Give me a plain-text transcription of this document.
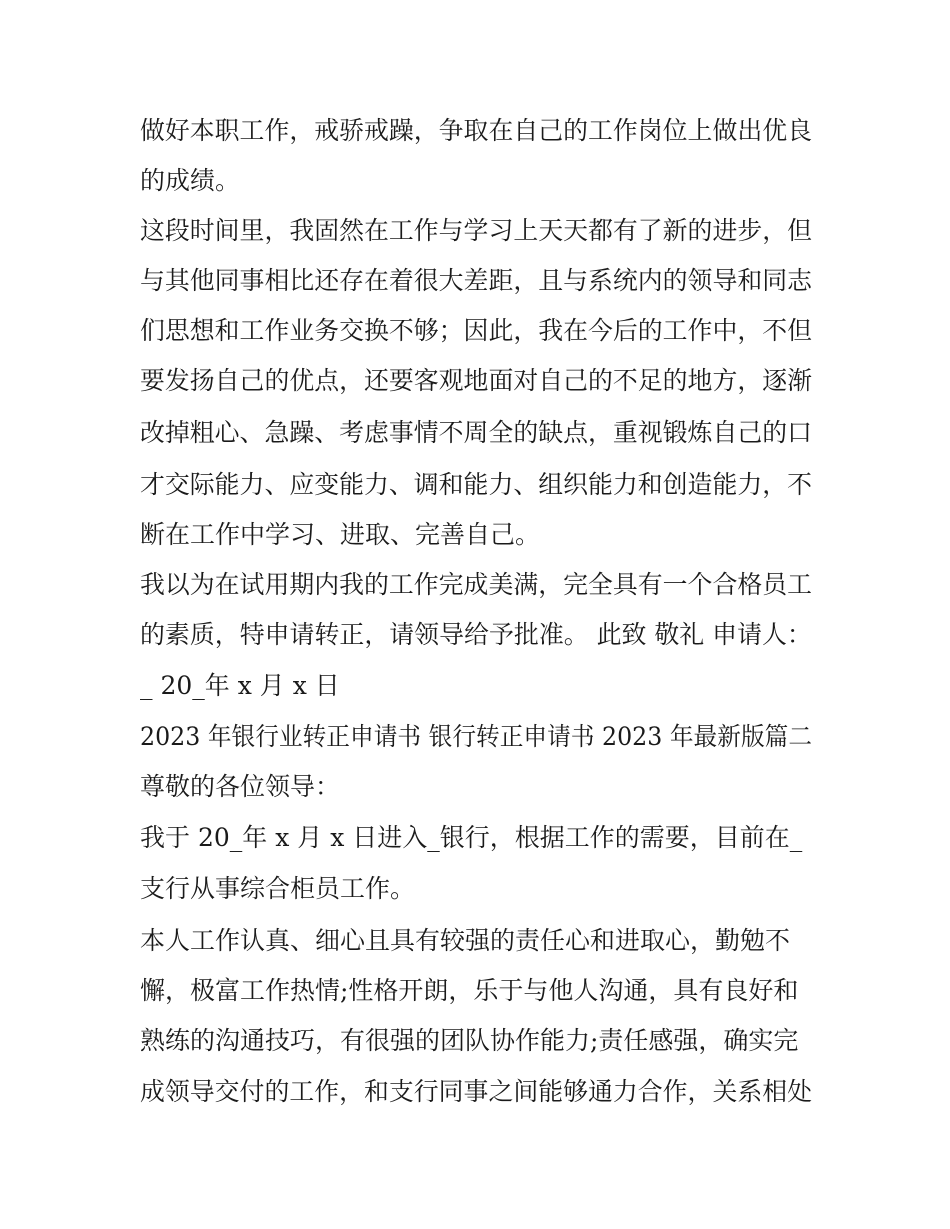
做好本职工作，戒骄戒躁，争取在自己的工作岗位上做出优良
的成绩。
这段时间里，我固然在工作与学习上天天都有了新的进步，但
与其他同事相比还存在着很大差距，且与系统内的领导和同志
们思想和工作业务交换不够；因此，我在今后的工作中，不但
要发扬自己的优点，还要客观地面对自己的不足的地方，逐渐
改掉粗心、急躁、考虑事情不周全的缺点，重视锻炼自己的口
才交际能力、应变能力、调和能力、组织能力和创造能力，不
断在工作中学习、进取、完善自己。
我以为在试用期内我的工作完成美满，完全具有一个合格员工
的素质，特申请转正，请领导给予批准。 此致 敬礼 申请人：
_ 20_年 x 月 x 日
2023 年银行业转正申请书 银行转正申请书 2023 年最新版篇二
尊敬的各位领导：
我于 20_年 x 月 x 日进入_银行，根据工作的需要，目前在_
支行从事综合柜员工作。
本人工作认真、细心且具有较强的责任心和进取心，勤勉不
懈，极富工作热情;性格开朗，乐于与他人沟通，具有良好和
熟练的沟通技巧，有很强的团队协作能力;责任感强，确实完
成领导交付的工作，和支行同事之间能够通力合作，关系相处
